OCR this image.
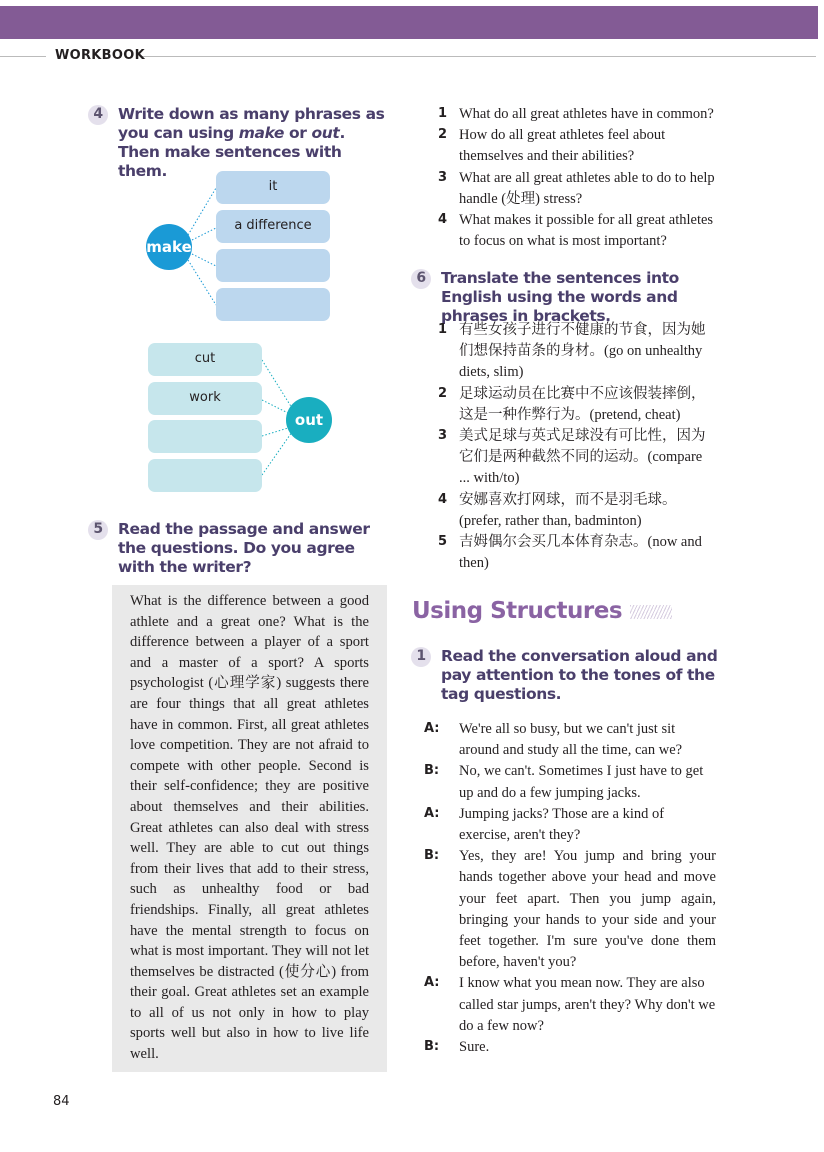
WORKBOOK
4 Write down as many phrases as you can using make or out. Then make sentences with them.
make
it
a difference
out
cut
work
5 Read the passage and answer the questions. Do you agree with the writer?
What is the difference between a good athlete and a great one? What is the difference between a player of a sport and a master of a sport? A sports psychologist (心理学家) suggests there are four things that all great athletes have in common. First, all great athletes love competition. They are not afraid to compete with other people. Second is their self-confidence; they are positive about themselves and their abilities. Great athletes can also deal with stress well. They are able to cut out things from their lives that add to their stress, such as unhealthy food or bad friendships. Finally, all great athletes have the mental strength to focus on what is most important. They will not let themselves be distracted (使分心) from their goal. Great athletes set an example to all of us not only in how to play sports well but also in how to live life well.
1 What do all great athletes have in common?
2 How do all great athletes feel about themselves and their abilities?
3 What are all great athletes able to do to help handle (处理) stress?
4 What makes it possible for all great athletes to focus on what is most important?
6 Translate the sentences into English using the words and phrases in brackets.
1 有些女孩子进行不健康的节食，因为她们想保持苗条的身材。(go on unhealthy diets, slim)
2 足球运动员在比赛中不应该假装摔倒，这是一种作弊行为。(pretend, cheat)
3 美式足球与英式足球没有可比性，因为它们是两种截然不同的运动。(compare ... with/to)
4 安娜喜欢打网球，而不是羽毛球。(prefer, rather than, badminton)
5 吉姆偶尔会买几本体育杂志。(now and then)
Using Structures
1 Read the conversation aloud and pay attention to the tones of the tag questions.
A: We're all so busy, but we can't just sit around and study all the time, can we?
B: No, we can't. Sometimes I just have to get up and do a few jumping jacks.
A: Jumping jacks? Those are a kind of exercise, aren't they?
B: Yes, they are! You jump and bring your hands together above your head and move your feet apart. Then you jump again, bringing your hands to your side and your feet together. I'm sure you've done them before, haven't you?
A: I know what you mean now. They are also called star jumps, aren't they? Why don't we do a few now?
B: Sure.
84
